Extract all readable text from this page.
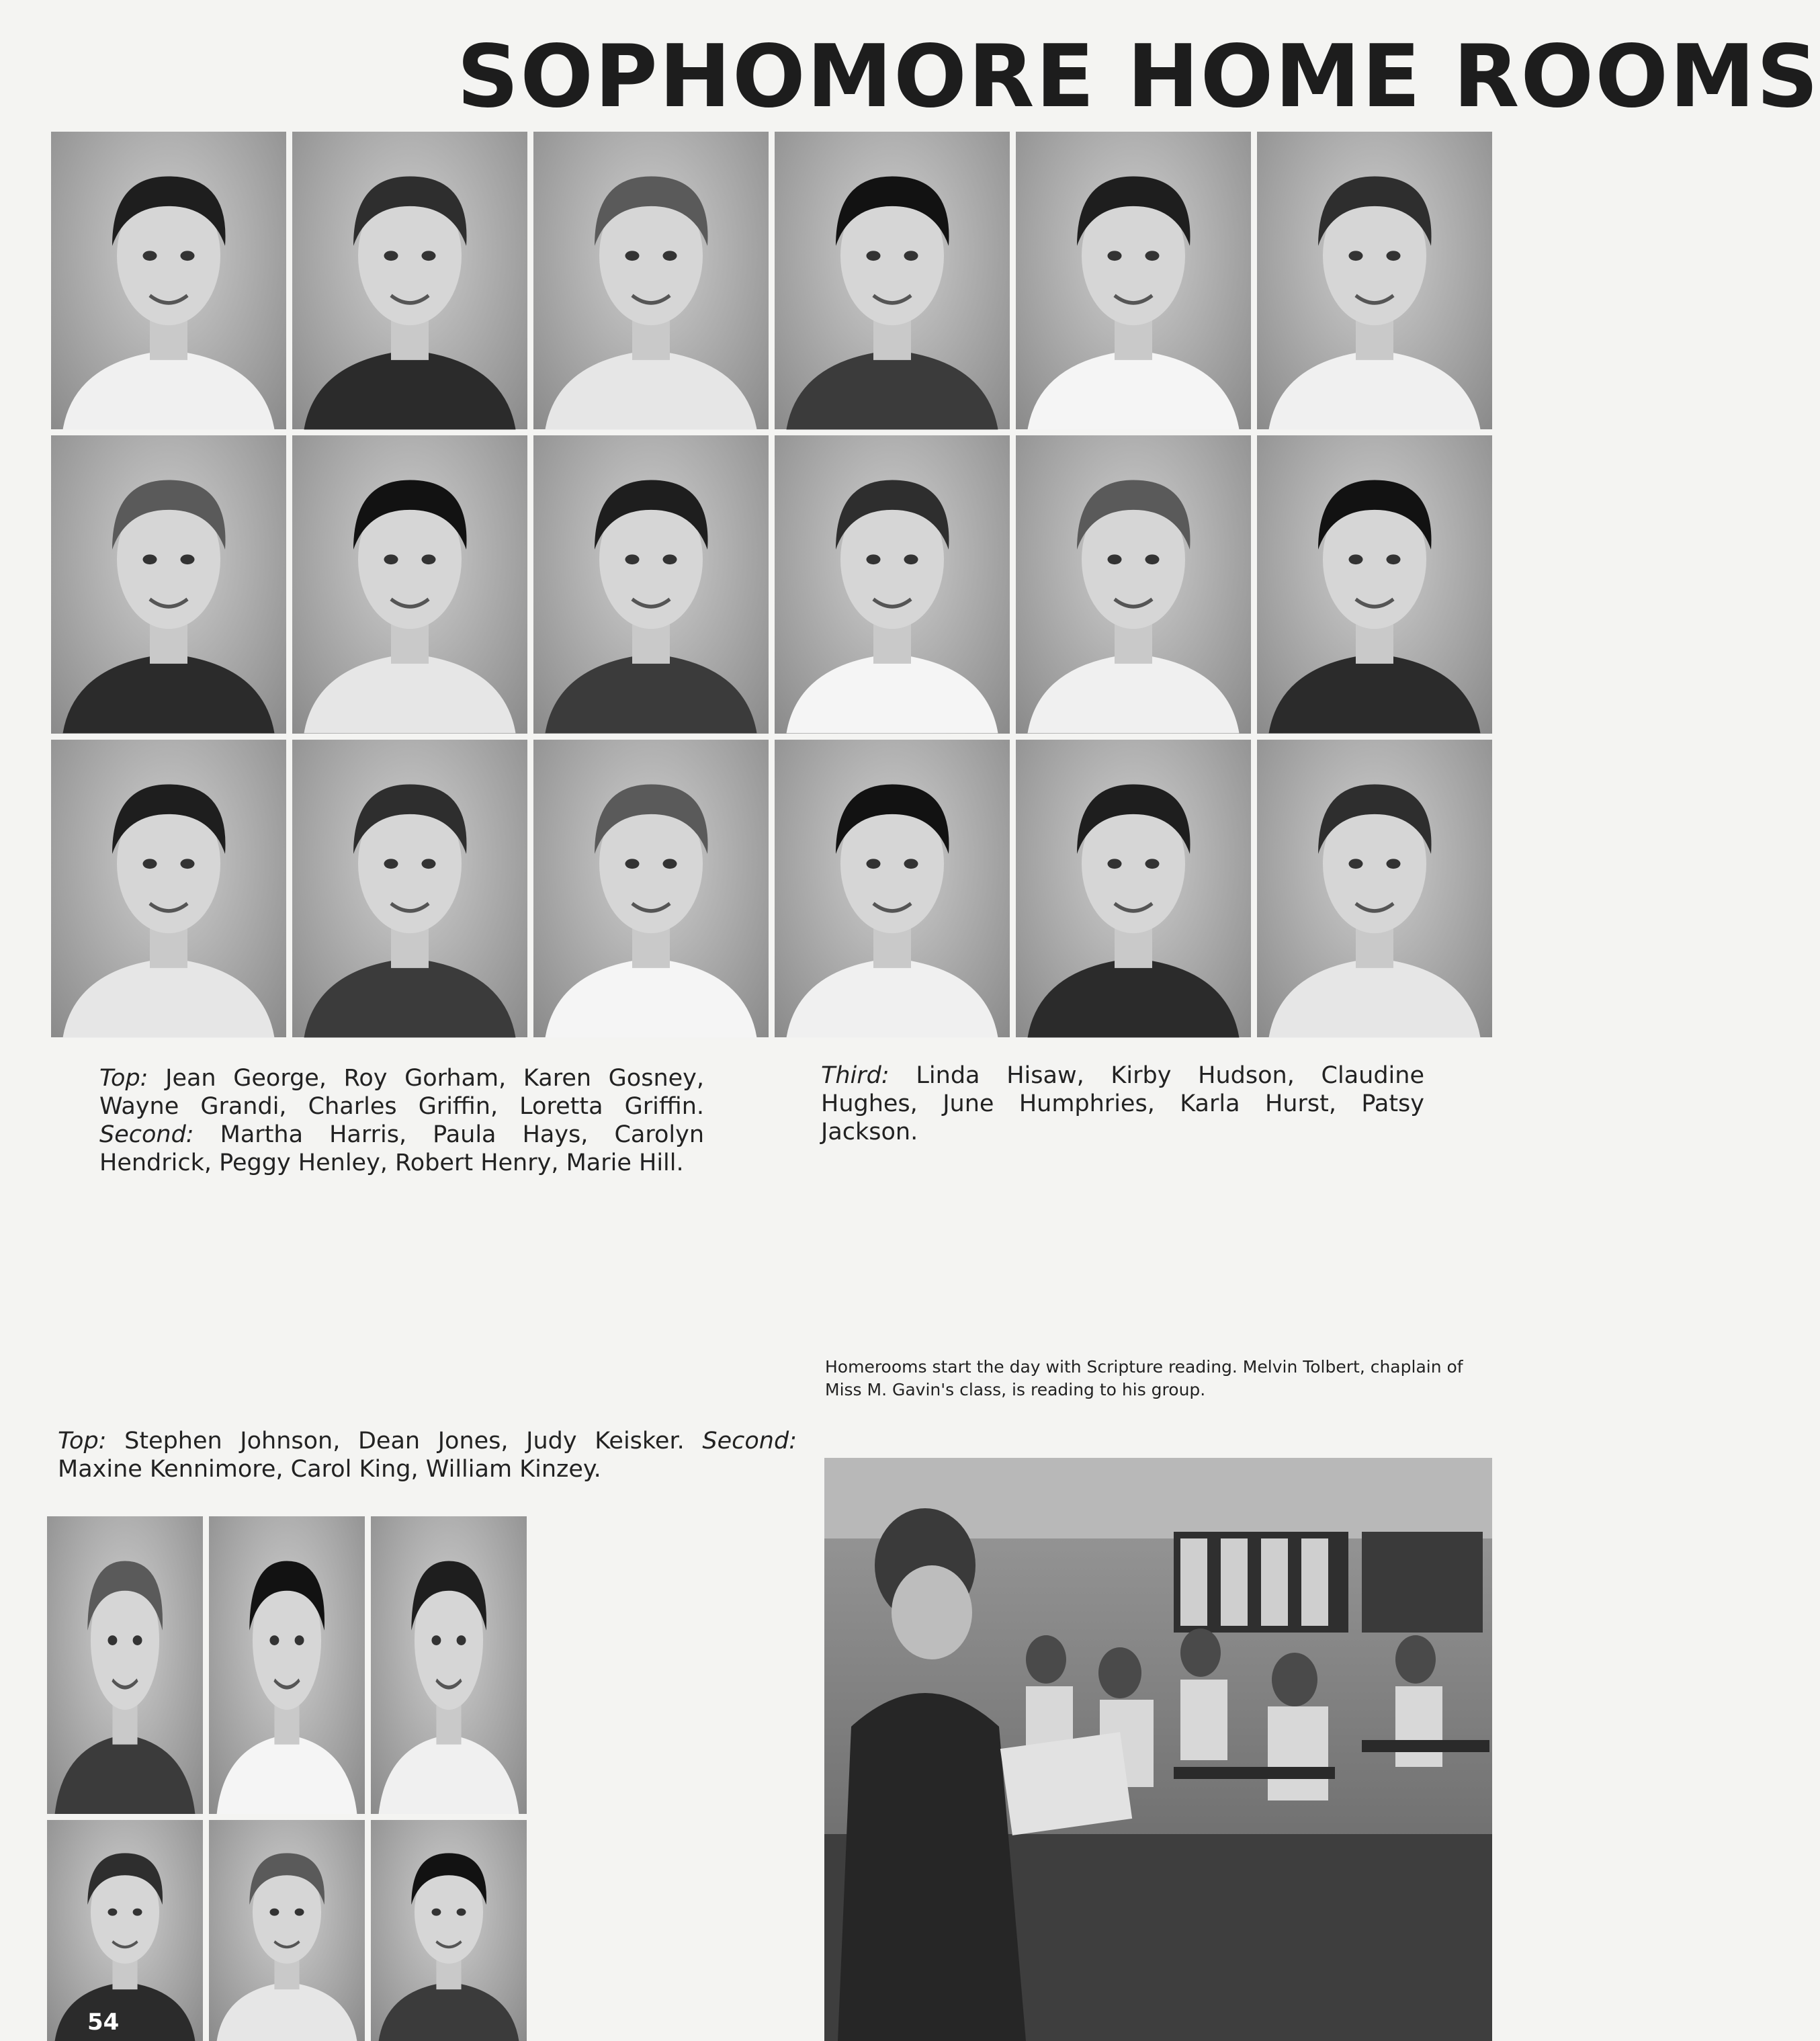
SOPHOMORE HOME ROOMS

Top: Jean George, Roy Gorham, Karen Gosney, Wayne Grandi, Charles Griffin, Loretta Griffin. Second: Martha Harris, Paula Hays, Carolyn Hendrick, Peggy Henley, Robert Henry, Marie Hill.

Third: Linda Hisaw, Kirby Hudson, Claudine Hughes, June Humphries, Karla Hurst, Patsy Jackson.

Homerooms start the day with Scripture reading. Melvin Tolbert, chaplain of Miss M. Gavin's class, is reading to his group.

Top: Stephen Johnson, Dean Jones, Judy Keisker. Second: Maxine Kennimore, Carol King, William Kinzey.

54
